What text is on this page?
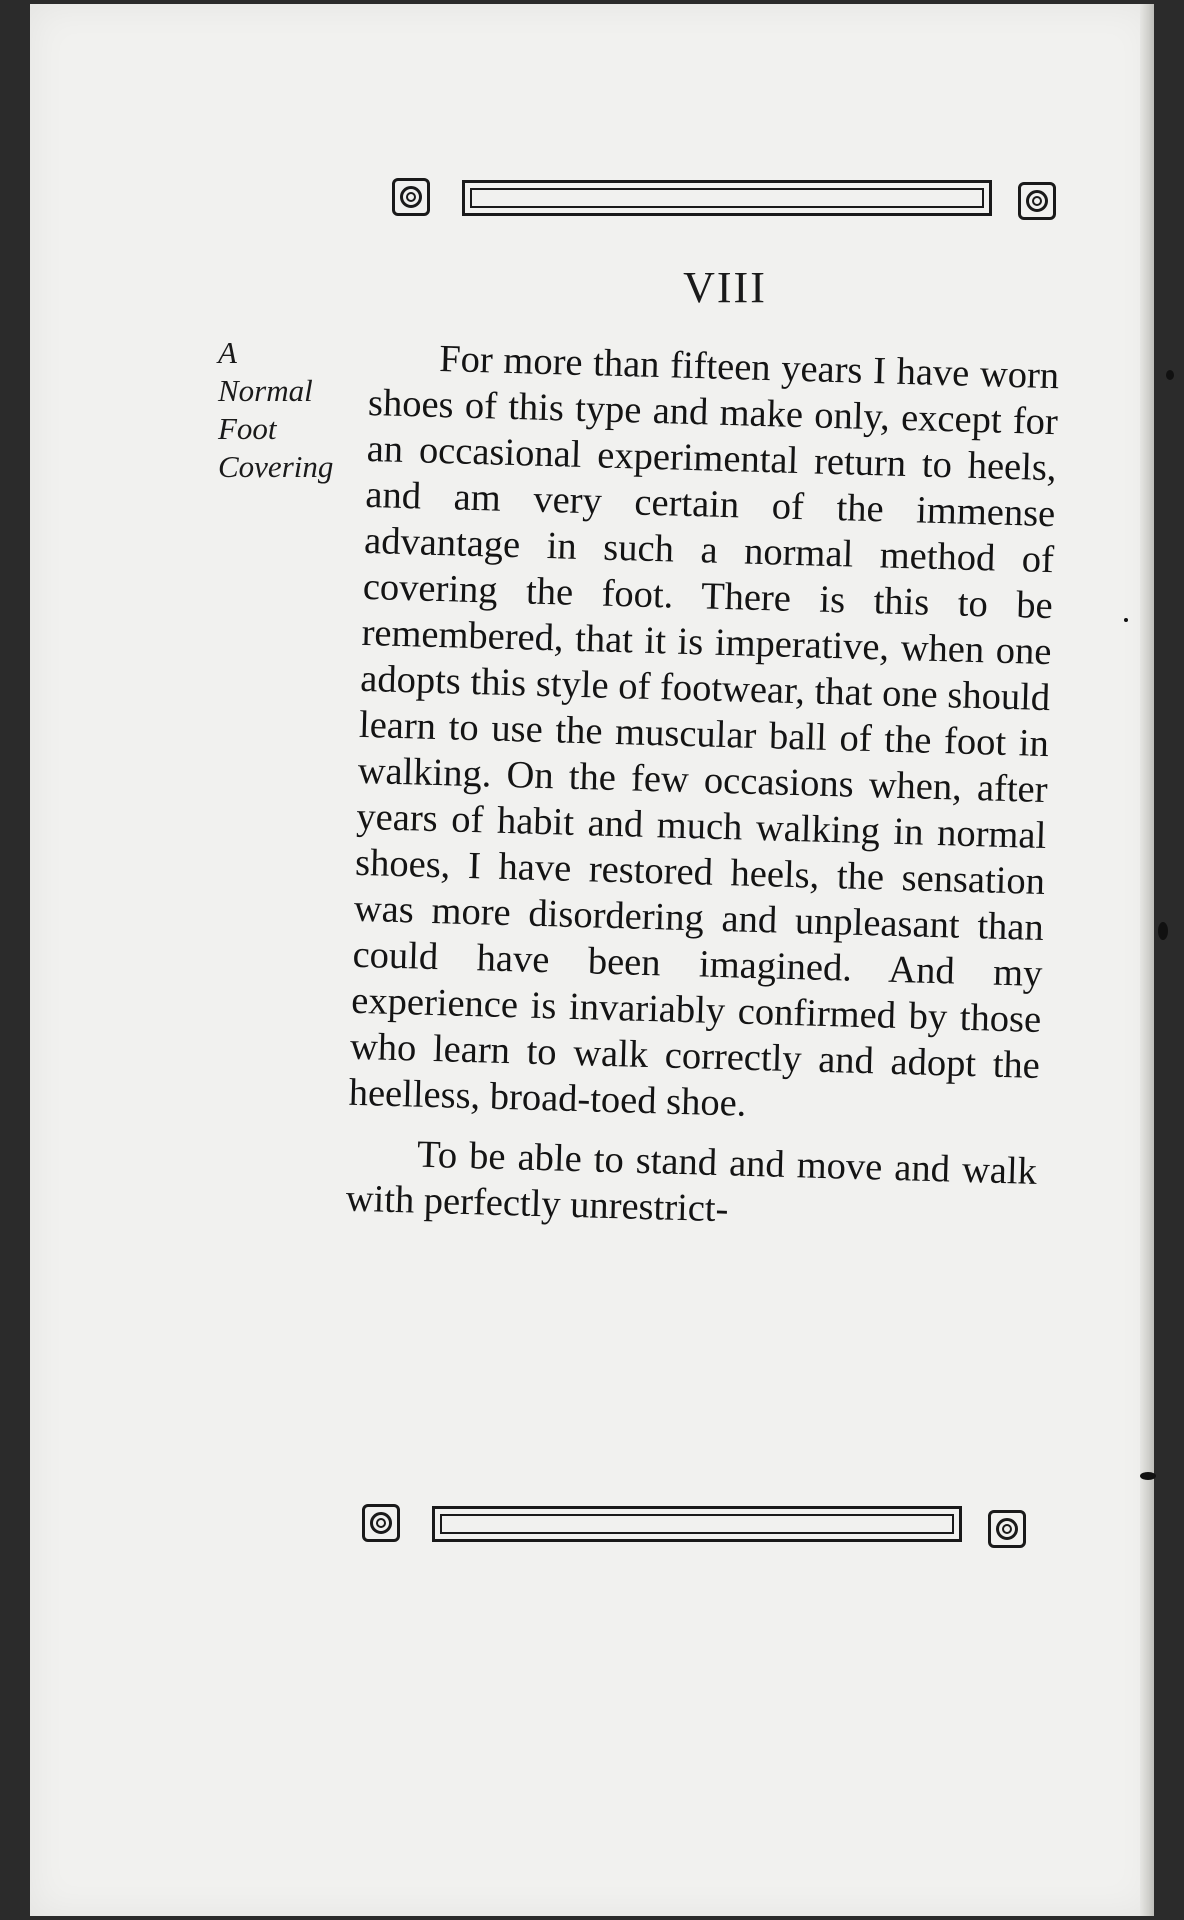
VIII
A
Normal
Foot
Covering

For more than fifteen years I have worn shoes of this type and make only, except for an occasional experimental return to heels, and am very certain of the immense advantage in such a normal method of covering the foot. There is this to be remembered, that it is imperative, when one adopts this style of footwear, that one should learn to use the muscular ball of the foot in walking. On the few occasions when, after years of habit and much walking in normal shoes, I have restored heels, the sensation was more disordering and unpleasant than could have been imagined. And my experience is invariably confirmed by those who learn to walk correctly and adopt the heelless, broad-toed shoe.

To be able to stand and move and walk with perfectly unrestrict-
